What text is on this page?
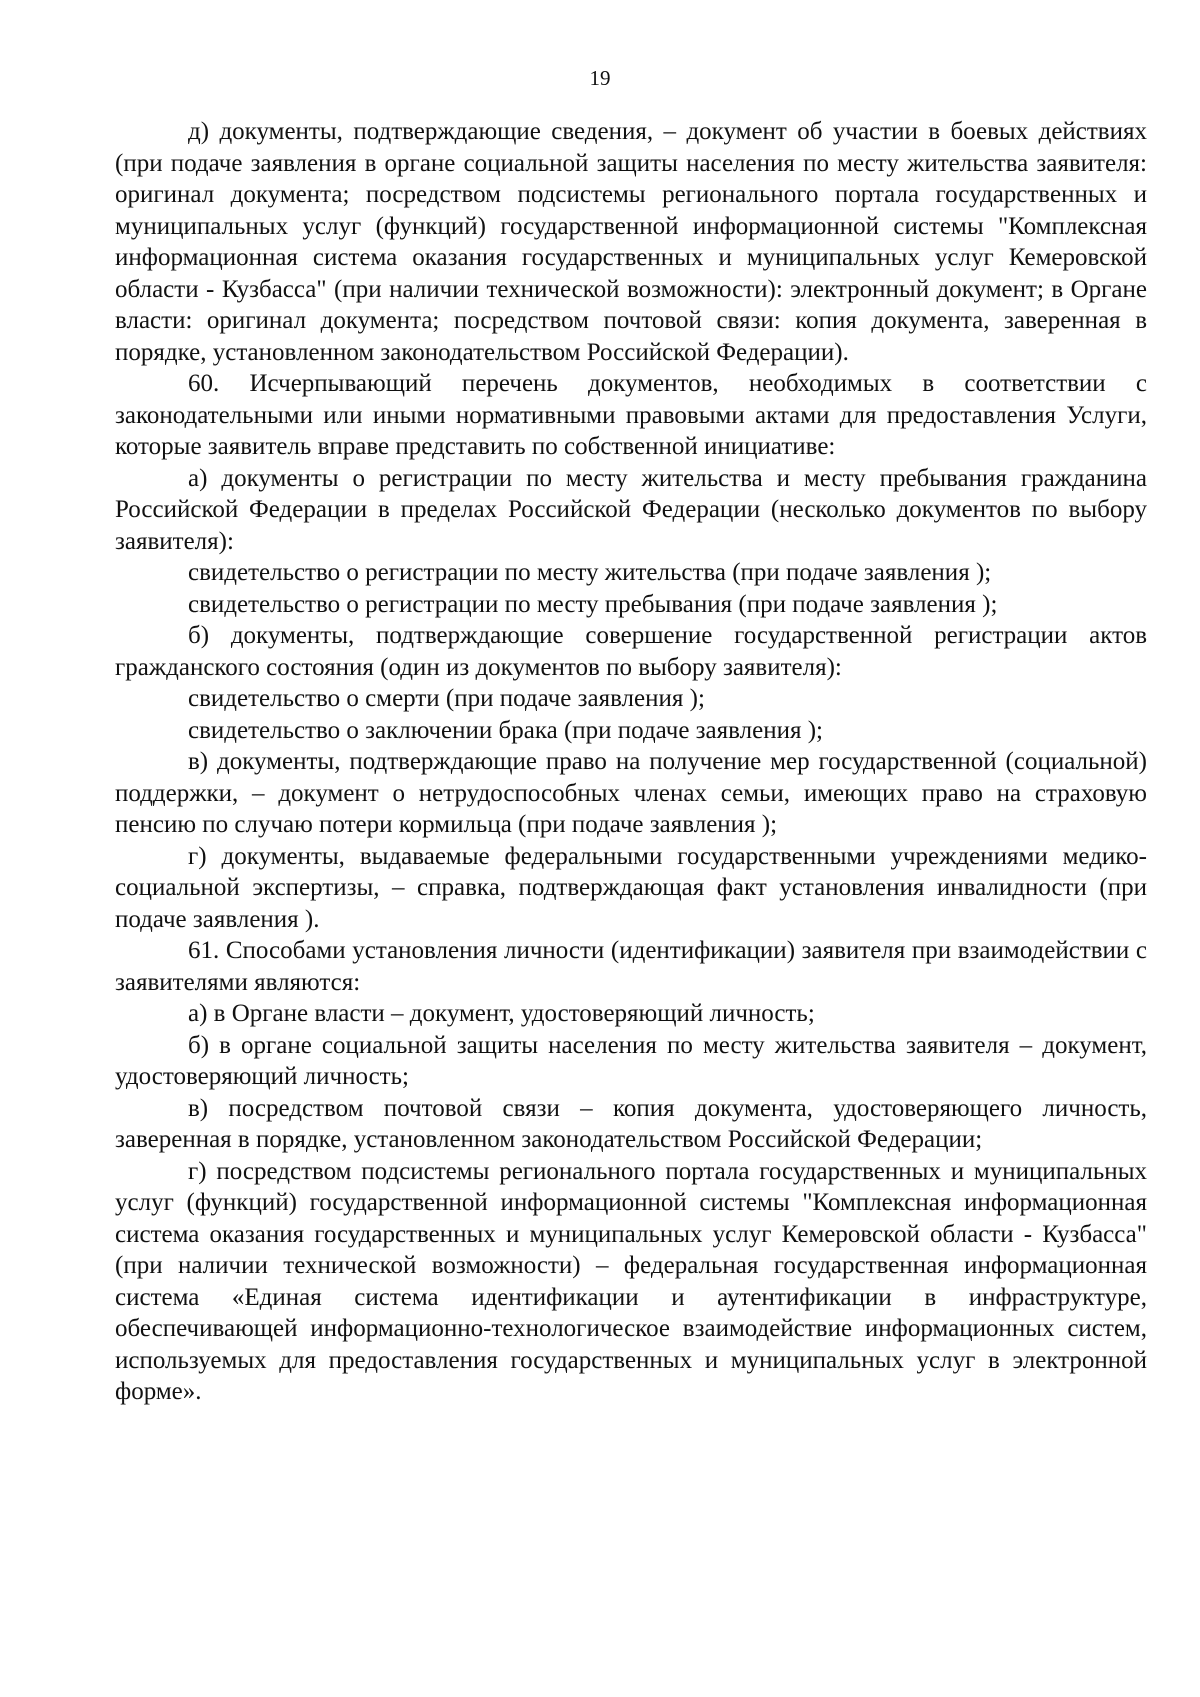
19

д) документы, подтверждающие сведения, – документ об участии в боевых действиях (при подаче заявления в органе социальной защиты населения по месту жительства заявителя: оригинал документа; посредством подсистемы регионального портала государственных и муниципальных услуг (функций) государственной информационной системы "Комплексная информационная система оказания государственных и муниципальных услуг Кемеровской области - Кузбасса" (при наличии технической возможности): электронный документ; в Органе власти: оригинал документа; посредством почтовой связи: копия документа, заверенная в порядке, установленном законодательством Российской Федерации).

60. Исчерпывающий перечень документов, необходимых в соответствии с законодательными или иными нормативными правовыми актами для предоставления Услуги, которые заявитель вправе представить по собственной инициативе:

а) документы о регистрации по месту жительства и месту пребывания гражданина Российской Федерации в пределах Российской Федерации (несколько документов по выбору заявителя):

свидетельство о регистрации по месту жительства (при подаче заявления );

свидетельство о регистрации по месту пребывания (при подаче заявления );

б) документы, подтверждающие совершение государственной регистрации актов гражданского состояния (один из документов по выбору заявителя):

свидетельство о смерти (при подаче заявления );

свидетельство о заключении брака (при подаче заявления );

в) документы, подтверждающие право на получение мер государственной (социальной) поддержки, – документ о нетрудоспособных членах семьи, имеющих право на страховую пенсию по случаю потери кормильца (при подаче заявления );

г) документы, выдаваемые федеральными государственными учреждениями медико-социальной экспертизы, – справка, подтверждающая факт установления инвалидности (при подаче заявления ).

61. Способами установления личности (идентификации) заявителя при взаимодействии с заявителями являются:

а) в Органе власти – документ, удостоверяющий личность;

б) в органе социальной защиты населения по месту жительства заявителя – документ, удостоверяющий личность;

в) посредством почтовой связи – копия документа, удостоверяющего личность, заверенная в порядке, установленном законодательством Российской Федерации;

г) посредством подсистемы регионального портала государственных и муниципальных услуг (функций) государственной информационной системы "Комплексная информационная система оказания государственных и муниципальных услуг Кемеровской области - Кузбасса" (при наличии технической возможности) – федеральная государственная информационная система «Единая система идентификации и аутентификации в инфраструктуре, обеспечивающей информационно-технологическое взаимодействие информационных систем, используемых для предоставления государственных и муниципальных услуг в электронной форме».
